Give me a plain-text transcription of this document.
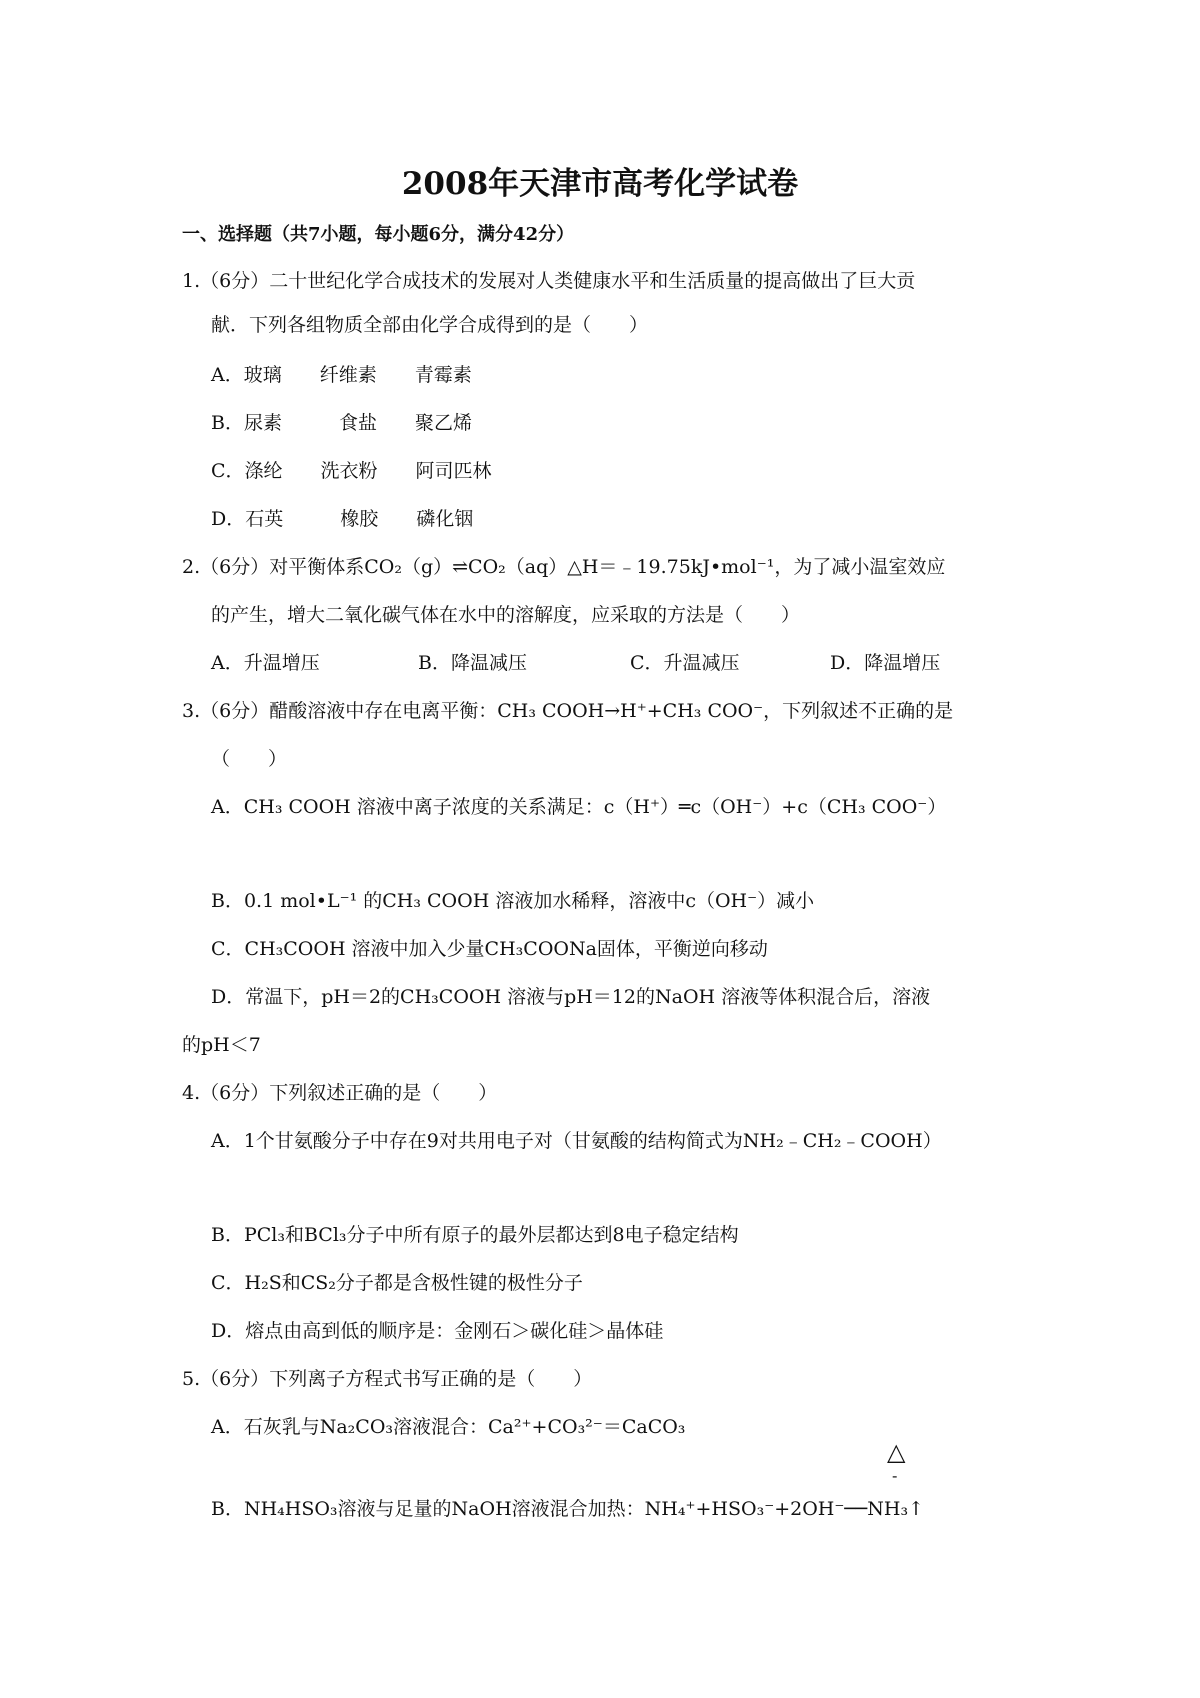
2008年天津市高考化学试卷
一、选择题（共7小题，每小题6分，满分42分）
1.（6分）二十世纪化学合成技术的发展对人类健康水平和生活质量的提高做出了巨大贡
献．下列各组物质全部由化学合成得到的是（　　）
A．玻璃　　纤维素　　青霉素
B．尿素　　　食盐　　聚乙烯
C．涤纶　　洗衣粉　　阿司匹林
D．石英　　　橡胶　　磷化铟
2.（6分）对平衡体系CO₂（g）⇌CO₂（aq）△H＝﹣19.75kJ•mol⁻¹，为了减小温室效应
的产生，增大二氧化碳气体在水中的溶解度，应采取的方法是（　　）
A．升温增压	B．降温减压	C．升温减压	D．降温增压
3.（6分）醋酸溶液中存在电离平衡：CH₃ COOH→H⁺+CH₃ COO⁻，下列叙述不正确的是
（　　）
A．CH₃ COOH 溶液中离子浓度的关系满足：c（H⁺）═c（OH⁻）+c（CH₃ COO⁻）
B．0.1 mol•L⁻¹ 的CH₃ COOH 溶液加水稀释，溶液中c（OH⁻）减小
C．CH₃COOH 溶液中加入少量CH₃COONa固体，平衡逆向移动
D．常温下，pH＝2的CH₃COOH 溶液与pH＝12的NaOH 溶液等体积混合后，溶液
的pH＜7
4.（6分）下列叙述正确的是（　　）
A．1个甘氨酸分子中存在9对共用电子对（甘氨酸的结构简式为NH₂﹣CH₂﹣COOH）
B．PCl₃和BCl₃分子中所有原子的最外层都达到8电子稳定结构
C．H₂S和CS₂分子都是含极性键的极性分子
D．熔点由高到低的顺序是：金刚石＞碳化硅＞晶体硅
5.（6分）下列离子方程式书写正确的是（　　）
A．石灰乳与Na₂CO₃溶液混合：Ca²⁺+CO₃²⁻＝CaCO₃
△
-
B．NH₄HSO₃溶液与足量的NaOH溶液混合加热：NH₄⁺+HSO₃⁻+2OH⁻──NH₃↑
